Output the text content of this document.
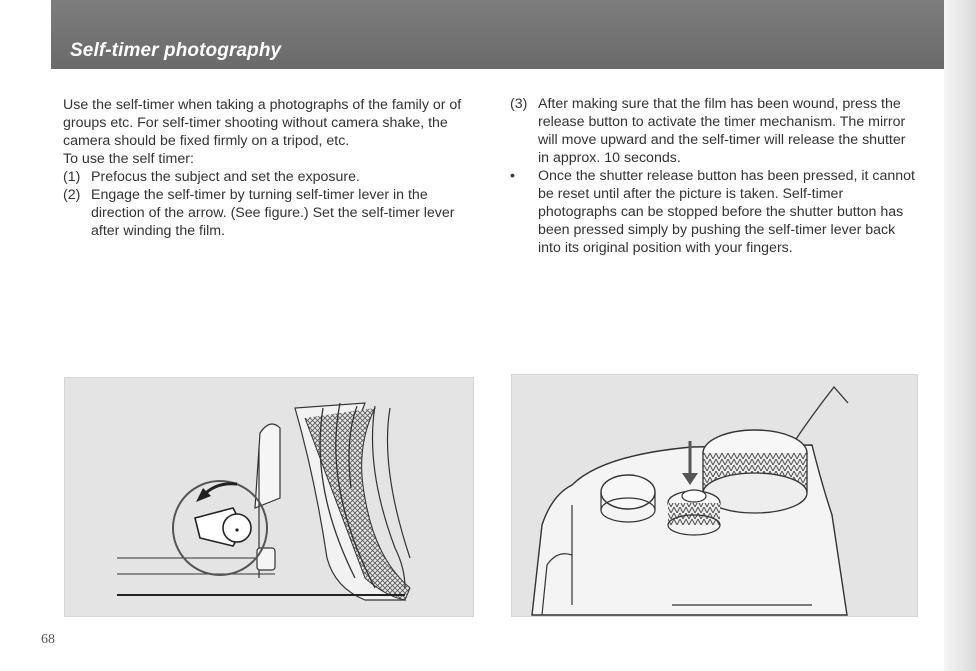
Self-timer photography

Use the self-timer when taking a photographs of the family or of groups etc. For self-timer shooting without camera shake, the camera should be fixed firmly on a tripod, etc.

To use the self timer:

(1) Prefocus the subject and set the exposure.

(2) Engage the self-timer by turning self-timer lever in the direction of the arrow. (See figure.) Set the self-timer lever after winding the film.

(3) After making sure that the film has been wound, press the release button to activate the timer mechanism. The mirror will move upward and the self-timer will release the shutter in approx. 10 seconds.

• Once the shutter release button has been pressed, it cannot be reset until after the picture is taken. Self-timer photographs can be stopped before the shutter button has been pressed simply by pushing the self-timer lever back into its original position with your fingers.

68
